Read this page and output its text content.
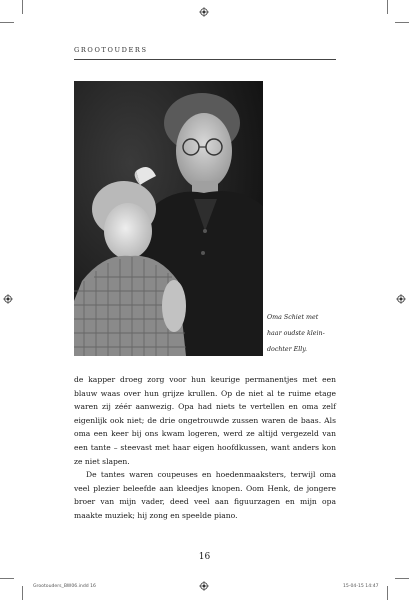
GROOTOUDERS
Oma Schiet met
haar oudste klein-
dochter Elly.

de kapper droeg zorg voor hun keurige permanentjes met een blauw waas over hun grijze krullen. Op de niet al te ruime etage waren zij zéér aanwezig. Opa had niets te vertellen en oma zelf eigenlijk ook niet; de drie ongetrouwde zussen waren de baas. Als oma een keer bij ons kwam logeren, werd ze altijd vergezeld van een tante – steevast met haar eigen hoofdkussen, want anders kon ze niet slapen.

De tantes waren coupeuses en hoedenmaaksters, terwijl oma veel plezier beleefde aan kleedjes knopen. Oom Henk, de jongere broer van mijn vader, deed veel aan figuurzagen en mijn opa maakte muziek; hij zong en speelde piano.

16
Grootouders_BW06.indd 16	15-04-15 14:47
